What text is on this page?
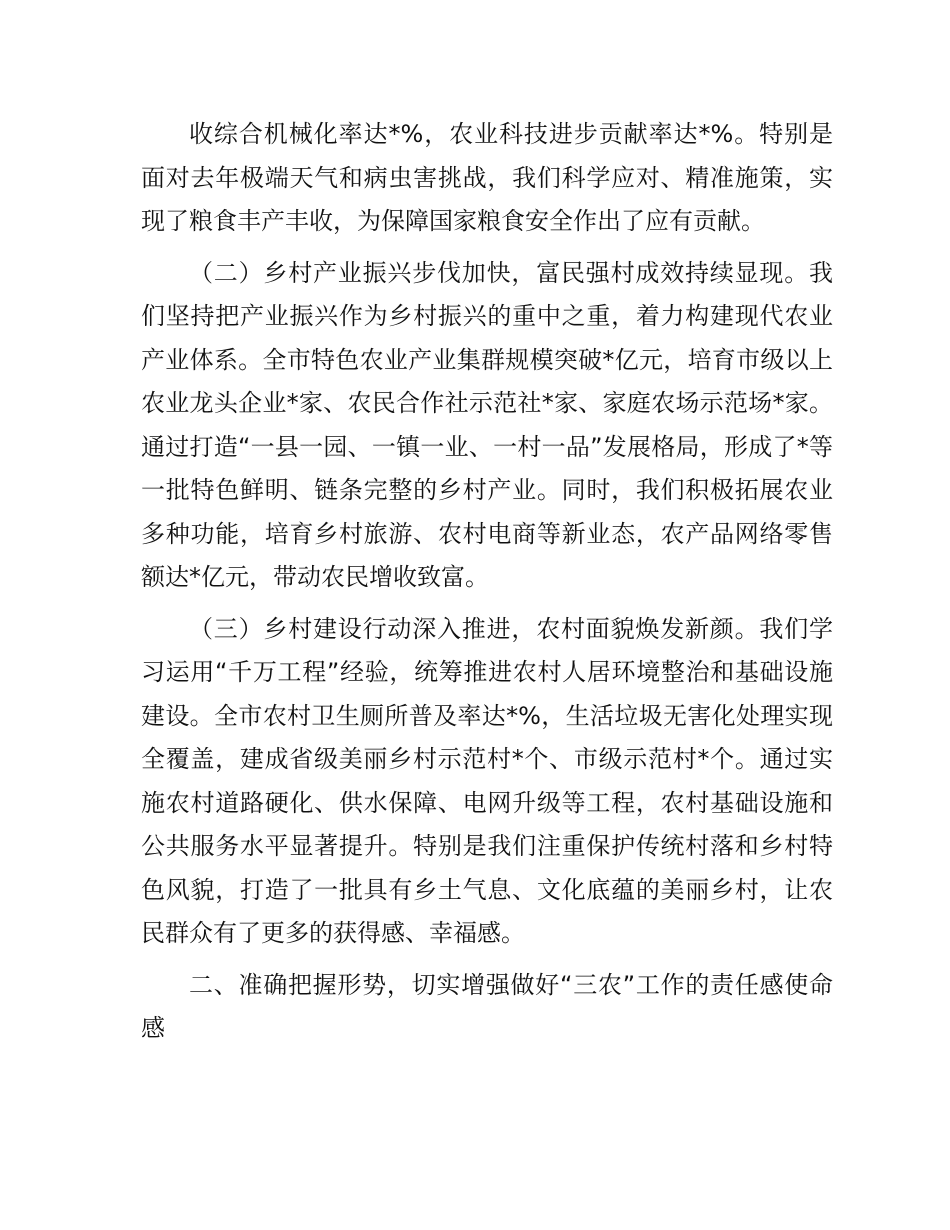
收综合机械化率达*%，农业科技进步贡献率达*%。特别是面对去年极端天气和病虫害挑战，我们科学应对、精准施策，实现了粮食丰产丰收，为保障国家粮食安全作出了应有贡献。

（二）乡村产业振兴步伐加快，富民强村成效持续显现。我们坚持把产业振兴作为乡村振兴的重中之重，着力构建现代农业产业体系。全市特色农业产业集群规模突破*亿元，培育市级以上农业龙头企业*家、农民合作社示范社*家、家庭农场示范场*家。通过打造“一县一园、一镇一业、一村一品”发展格局，形成了*等一批特色鲜明、链条完整的乡村产业。同时，我们积极拓展农业多种功能，培育乡村旅游、农村电商等新业态，农产品网络零售额达*亿元，带动农民增收致富。

（三）乡村建设行动深入推进，农村面貌焕发新颜。我们学习运用“千万工程”经验，统筹推进农村人居环境整治和基础设施建设。全市农村卫生厕所普及率达*%，生活垃圾无害化处理实现全覆盖，建成省级美丽乡村示范村*个、市级示范村*个。通过实施农村道路硬化、供水保障、电网升级等工程，农村基础设施和公共服务水平显著提升。特别是我们注重保护传统村落和乡村特色风貌，打造了一批具有乡土气息、文化底蕴的美丽乡村，让农民群众有了更多的获得感、幸福感。

二、准确把握形势，切实增强做好“三农”工作的责任感使命感
